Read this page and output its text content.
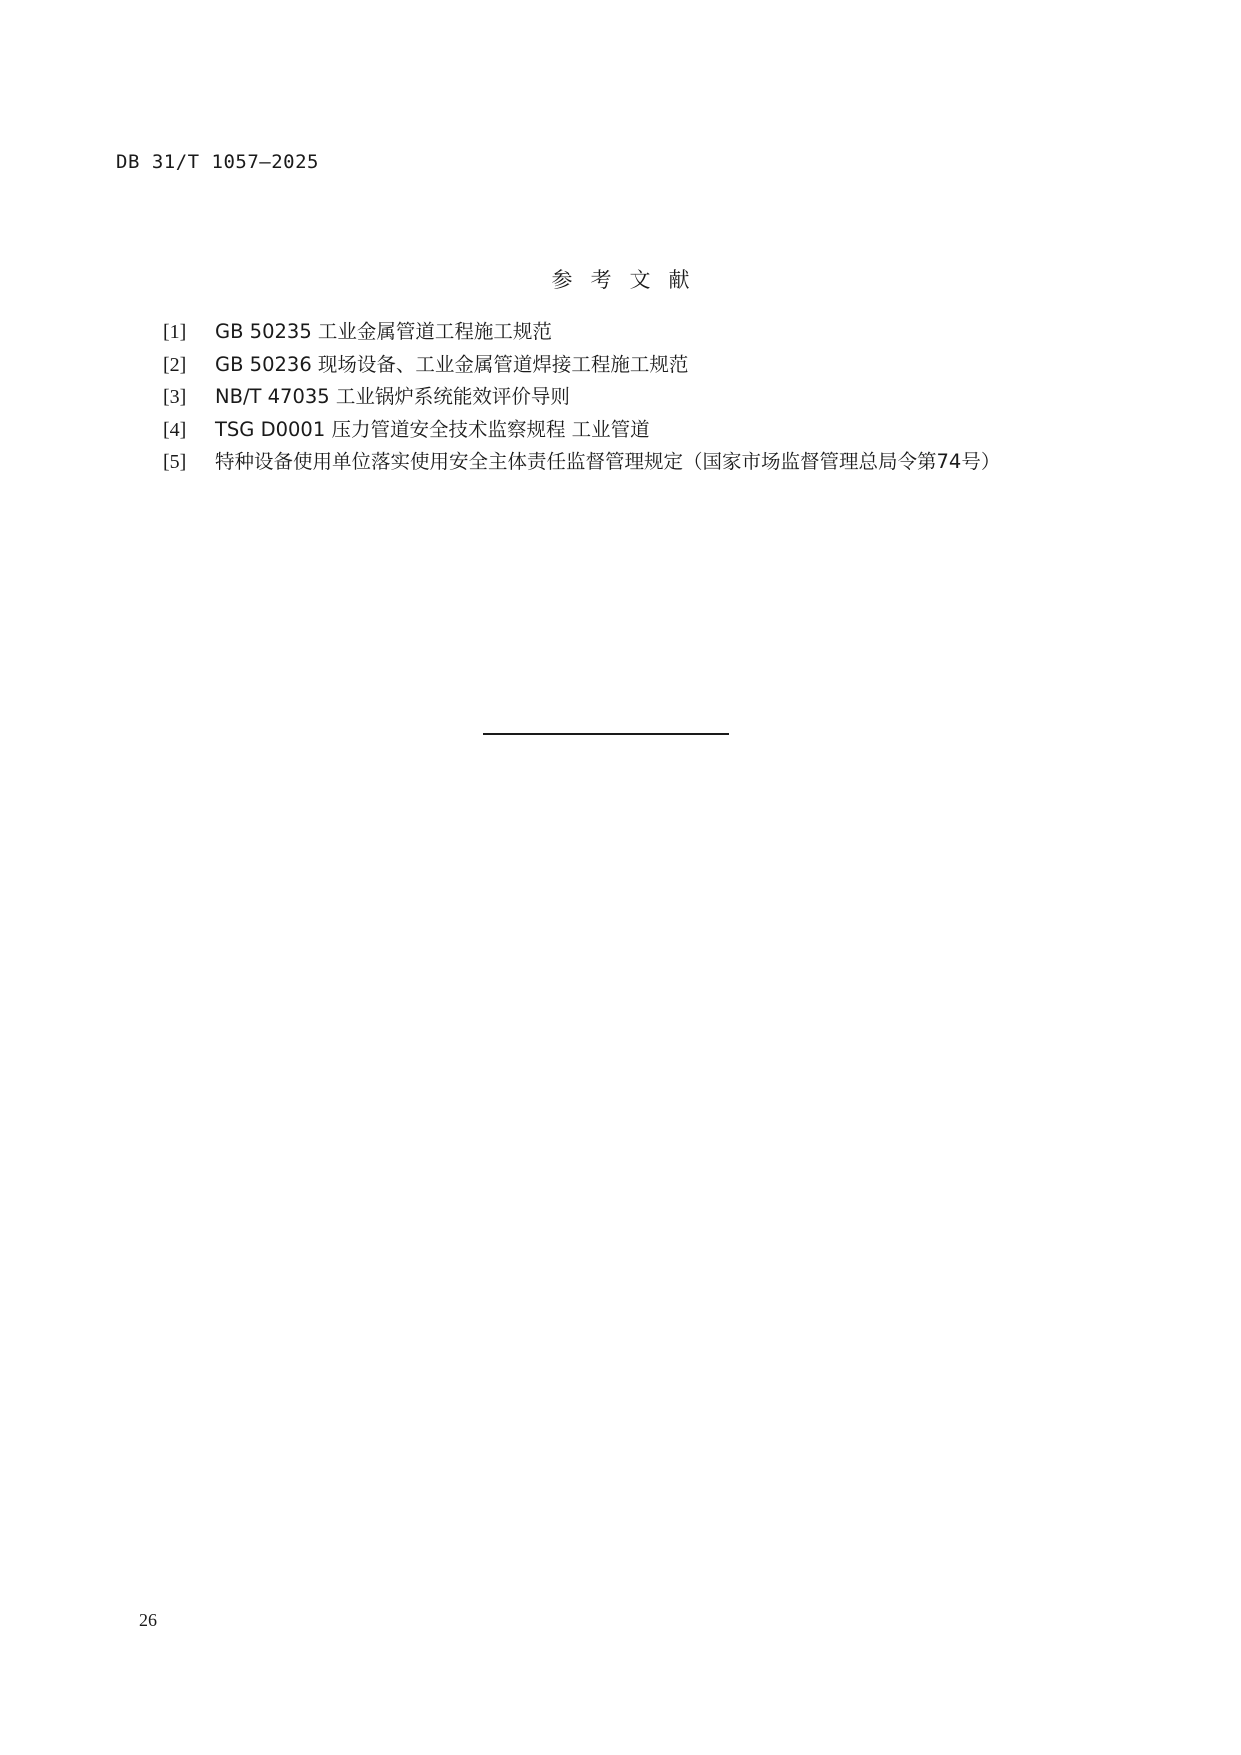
DB 31/T 1057—2025
参考文献
[1] GB 50235 工业金属管道工程施工规范
[2] GB 50236 现场设备、工业金属管道焊接工程施工规范
[3] NB/T 47035 工业锅炉系统能效评价导则
[4] TSG D0001 压力管道安全技术监察规程 工业管道
[5] 特种设备使用单位落实使用安全主体责任监督管理规定（国家市场监督管理总局令第74号）
26
